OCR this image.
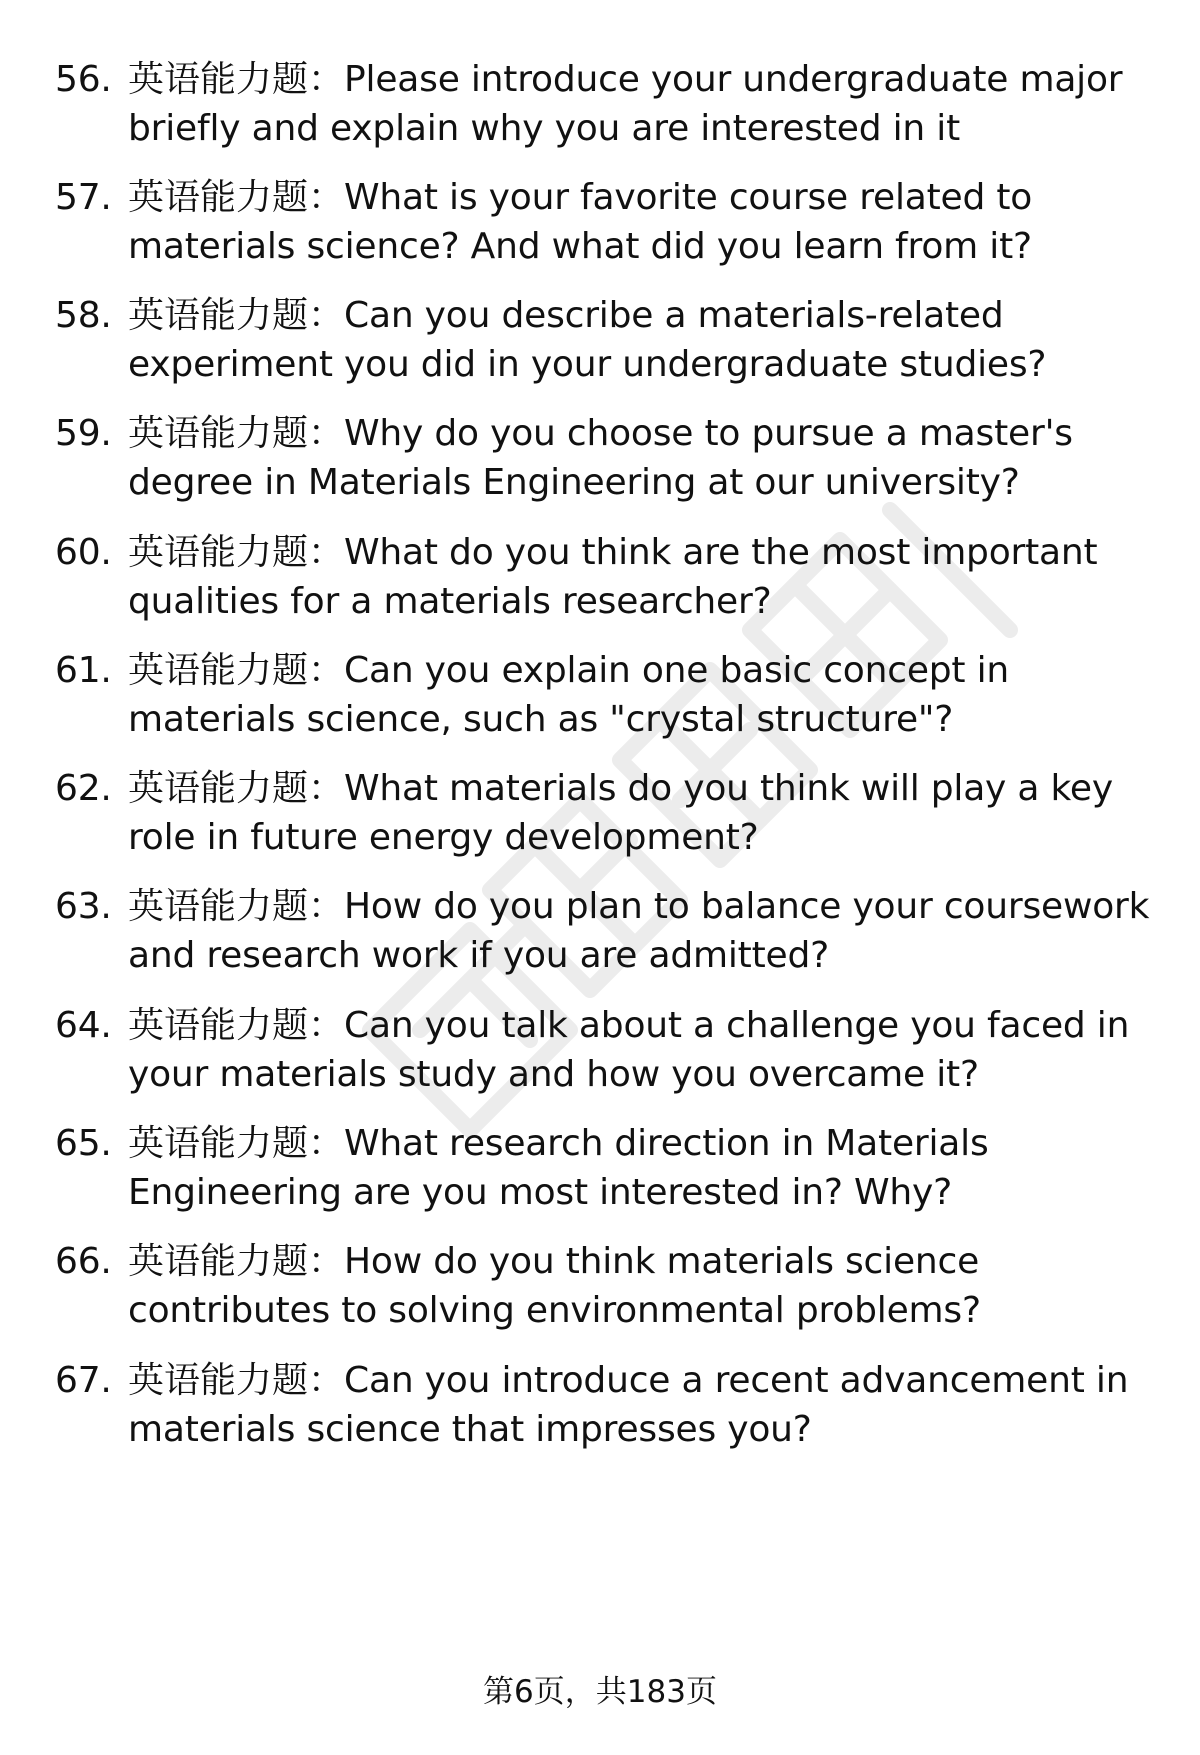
56. 英语能力题：Please introduce your undergraduate major briefly and explain why you are interested in it
57. 英语能力题：What is your favorite course related to materials science? And what did you learn from it?
58. 英语能力题：Can you describe a materials-related experiment you did in your undergraduate studies?
59. 英语能力题：Why do you choose to pursue a master's degree in Materials Engineering at our university?
60. 英语能力题：What do you think are the most important qualities for a materials researcher?
61. 英语能力题：Can you explain one basic concept in materials science, such as "crystal structure"?
62. 英语能力题：What materials do you think will play a key role in future energy development?
63. 英语能力题：How do you plan to balance your coursework and research work if you are admitted?
64. 英语能力题：Can you talk about a challenge you faced in your materials study and how you overcame it?
65. 英语能力题：What research direction in Materials Engineering are you most interested in? Why?
66. 英语能力题：How do you think materials science contributes to solving environmental problems?
67. 英语能力题：Can you introduce a recent advancement in materials science that impresses you?
第6页，共183页
